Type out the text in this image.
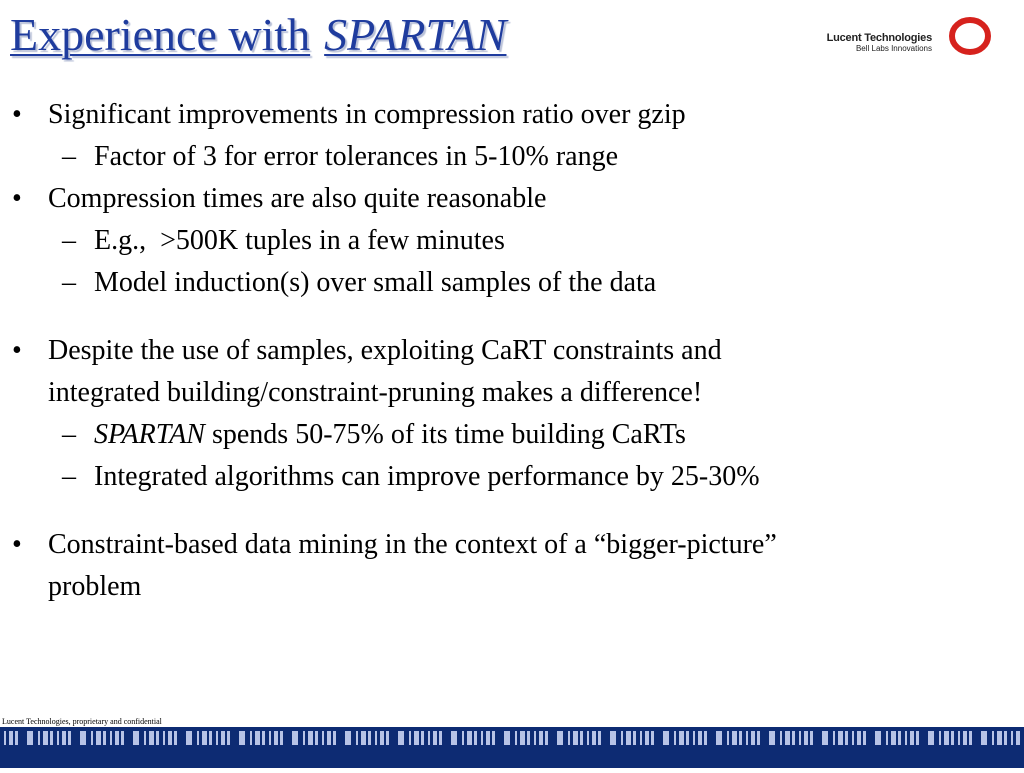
Experience with SPARTAN	Lucent Technologies
Bell Labs Innovations
• Significant improvements in compression ratio over gzip
– Factor of 3 for error tolerances in 5-10% range
• Compression times are also quite reasonable
– E.g.,  >500K tuples in a few minutes
– Model induction(s) over small samples of the data
• Despite the use of samples, exploiting CaRT constraints and
integrated building/constraint-pruning makes a difference!
– SPARTAN spends 50-75% of its time building CaRTs
– Integrated algorithms can improve performance by 25-30%
• Constraint-based data mining in the context of a “bigger-picture”
problem
Lucent Technologies, proprietary and confidential
